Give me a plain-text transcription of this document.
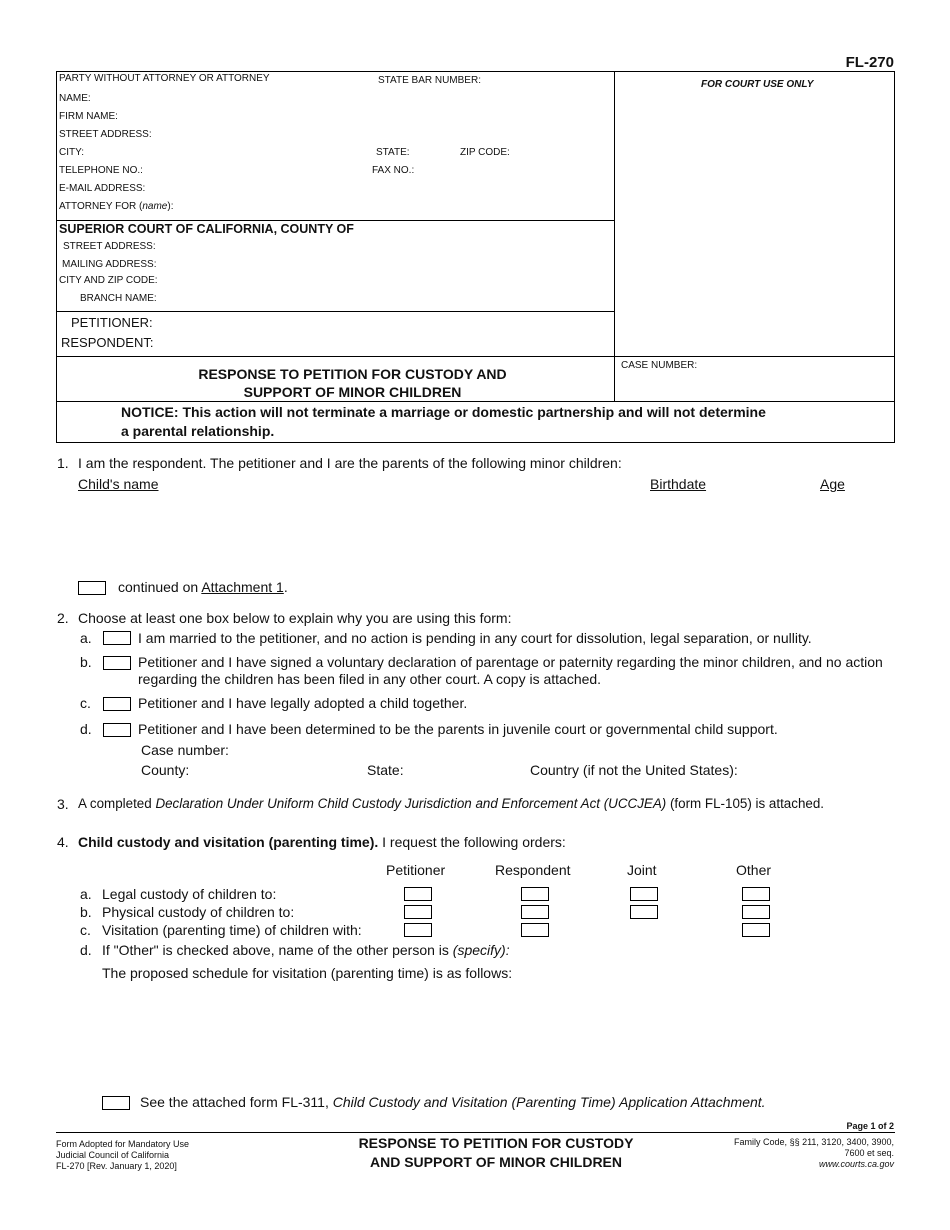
FL-270
PARTY WITHOUT ATTORNEY OR ATTORNEY	STATE BAR NUMBER:
NAME:
FIRM NAME:
STREET ADDRESS:
CITY:	STATE:	ZIP CODE:
TELEPHONE NO.:	FAX NO.:
E-MAIL ADDRESS:
ATTORNEY FOR (name):
FOR COURT USE ONLY
SUPERIOR COURT OF CALIFORNIA, COUNTY OF
STREET ADDRESS:
MAILING ADDRESS:
CITY AND ZIP CODE:
BRANCH NAME:
PETITIONER:
RESPONDENT:
RESPONSE TO PETITION FOR CUSTODY AND
SUPPORT OF MINOR CHILDREN
CASE NUMBER:
NOTICE: This action will not terminate a marriage or domestic partnership and will not determine
a parental relationship.
1. I am the respondent. The petitioner and I are the parents of the following minor children:
Child's name	Birthdate	Age
continued on Attachment 1.
2. Choose at least one box below to explain why you are using this form:
a.	I am married to the petitioner, and no action is pending in any court for dissolution, legal separation, or nullity.
b.	Petitioner and I have signed a voluntary declaration of parentage or paternity regarding the minor children, and no action
regarding the children has been filed in any other court. A copy is attached.
c.	Petitioner and I have legally adopted a child together.
d.	Petitioner and I have been determined to be the parents in juvenile court or governmental child support.
Case number:
County:	State:	Country (if not the United States):
3. A completed Declaration Under Uniform Child Custody Jurisdiction and Enforcement Act (UCCJEA) (form FL-105) is attached.
4. Child custody and visitation (parenting time). I request the following orders:
Petitioner	Respondent	Joint	Other
a. Legal custody of children to:
b. Physical custody of children to:
c. Visitation (parenting time) of children with:
d. If "Other" is checked above, name of the other person is (specify):
The proposed schedule for visitation (parenting time) is as follows:
See the attached form FL-311, Child Custody and Visitation (Parenting Time) Application Attachment.
Page 1 of 2
Form Adopted for Mandatory Use
Judicial Council of California
FL-270 [Rev. January 1, 2020]
RESPONSE TO PETITION FOR CUSTODY
AND SUPPORT OF MINOR CHILDREN
Family Code, §§ 211, 3120, 3400, 3900,
7600 et seq.
www.courts.ca.gov
